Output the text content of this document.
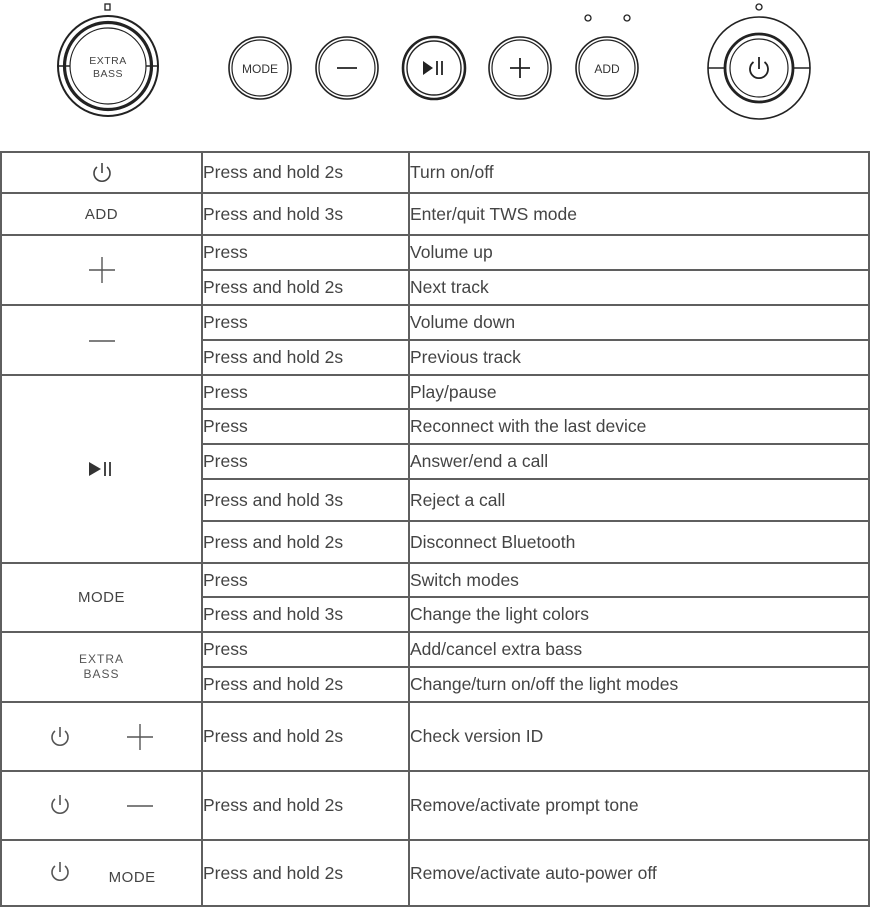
EXTRA
BASS	MODE	ADD
	Press and hold 2s	Turn on/off
ADD	Press and hold 3s	Enter/quit TWS mode
	Press	Volume up
	Press and hold 2s	Next track
	Press	Volume down
	Press and hold 2s	Previous track
	Press	Play/pause
	Press	Reconnect with the last device
	Press	Answer/end a call
	Press and hold 3s	Reject a call
	Press and hold 2s	Disconnect Bluetooth
MODE	Press	Switch modes
	Press and hold 3s	Change the light colors

EXTRA
BASS	Press	Add/cancel extra bass
	Press and hold 2s	Change/turn on/off the light modes
	Press and hold 2s	Check version ID
	Press and hold 2s	Remove/activate prompt tone
MODE	Press and hold 2s	Remove/activate auto-power off
